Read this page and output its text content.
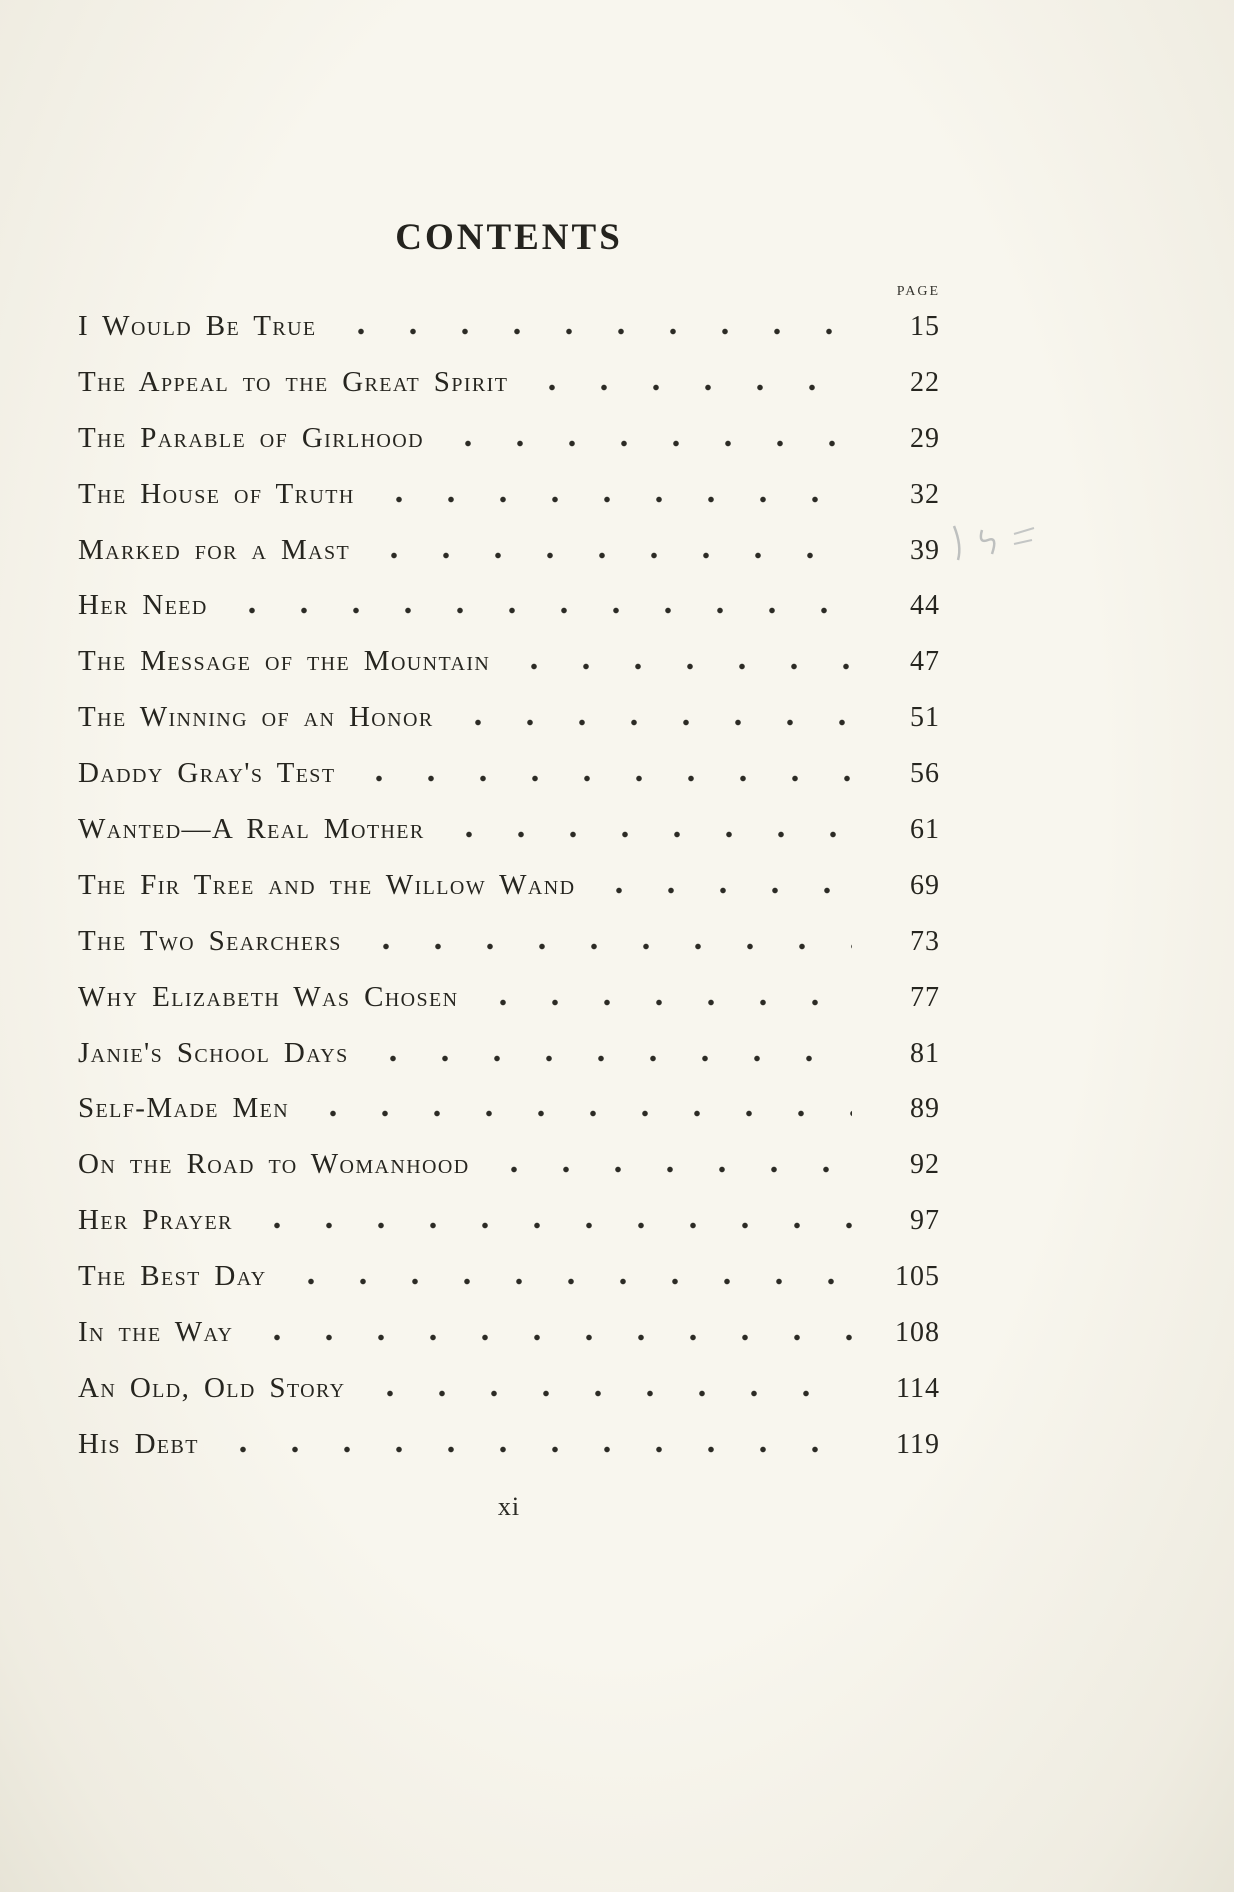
CONTENTS
PAGE
I Would Be True	15
The Appeal to the Great Spirit	22
The Parable of Girlhood	29
The House of Truth	32
Marked for a Mast	39
Her Need	44
The Message of the Mountain	47
The Winning of an Honor	51
Daddy Gray's Test	56
Wanted—A Real Mother	61
The Fir Tree and the Willow Wand	69
The Two Searchers	73
Why Elizabeth Was Chosen	77
Janie's School Days	81
Self-Made Men	89
On the Road to Womanhood	92
Her Prayer	97
The Best Day	105
In the Way	108
An Old, Old Story	114
His Debt	119
xi
